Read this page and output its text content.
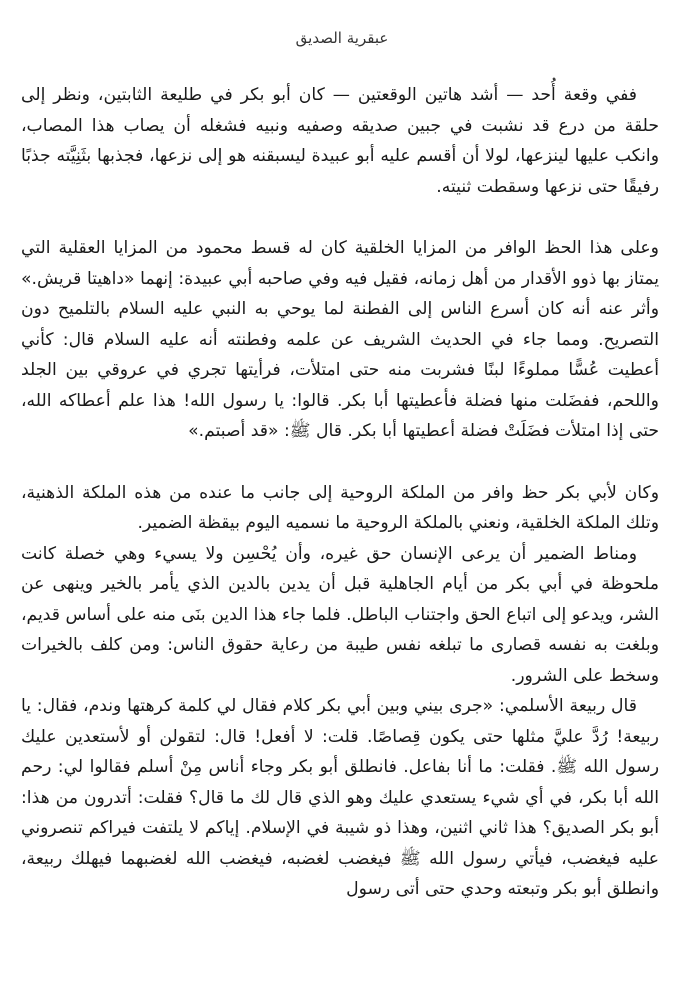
عبقرية الصديق

ففي وقعة أُحد — أشد هاتين الوقعتين — كان أبو بكر في طليعة الثابتين، ونظر إلى حلقة من درع قد نشبت في جبين صديقه وصفيه ونبيه فشغله أن يصاب هذا المصاب، وانكب عليها لينزعها، لولا أن أقسم عليه أبو عبيدة ليسبقنه هو إلى نزعها، فجذبها بثَنِيَّته جذبًا رفيقًا حتى نزعها وسقطت ثنيته.

وعلى هذا الحظ الوافر من المزايا الخلقية كان له قسط محمود من المزايا العقلية التي يمتاز بها ذوو الأقدار من أهل زمانه، فقيل فيه وفي صاحبه أبي عبيدة: إنهما «داهيتا قريش.» وأثر عنه أنه كان أسرع الناس إلى الفطنة لما يوحي به النبي عليه السلام بالتلميح دون التصريح. ومما جاء في الحديث الشريف عن علمه وفطنته أنه عليه السلام قال: كأني أعطيت عُسًّا مملوءًا لبنًا فشربت منه حتى امتلأت، فرأيتها تجري في عروقي بين الجلد واللحم، ففضَلت منها فضلة فأعطيتها أبا بكر. قالوا: يا رسول الله! هذا علم أعطاكه الله، حتى إذا امتلأت فضَلَتْ فضلة أعطيتها أبا بكر. قال ﷺ: «قد أصبتم.»

وكان لأبي بكر حظ وافر من الملكة الروحية إلى جانب ما عنده من هذه الملكة الذهنية، وتلك الملكة الخلقية، ونعني بالملكة الروحية ما نسميه اليوم بيقظة الضمير.

ومناط الضمير أن يرعى الإنسان حق غيره، وأن يُحْسِن ولا يسيء وهي خصلة كانت ملحوظة في أبي بكر من أيام الجاهلية قبل أن يدين بالدين الذي يأمر بالخير وينهى عن الشر، ويدعو إلى اتباع الحق واجتناب الباطل. فلما جاء هذا الدين بنَى منه على أساس قديم، وبلغت به نفسه قصارى ما تبلغه نفس طيبة من رعاية حقوق الناس: ومن كلف بالخيرات وسخط على الشرور.

قال ربيعة الأسلمي: «جرى بيني وبين أبي بكر كلام فقال لي كلمة كرهتها وندم، فقال: يا ربيعة! رُدَّ عليَّ مثلها حتى يكون قِصاصًا. قلت: لا أفعل! قال: لتقولن أو لأستعدين عليك رسول الله ﷺ. فقلت: ما أنا بفاعل. فانطلق أبو بكر وجاء أناس مِنْ أسلم فقالوا لي: رحم الله أبا بكر، في أي شيء يستعدي عليك وهو الذي قال لك ما قال؟ فقلت: أتدرون من هذا: أبو بكر الصديق؟ هذا ثاني اثنين، وهذا ذو شيبة في الإسلام. إياكم لا يلتفت فيراكم تنصروني عليه فيغضب، فيأتي رسول الله ﷺ فيغضب لغضبه، فيغضب الله لغضبهما فيهلك ربيعة، وانطلق أبو بكر وتبعته وحدي حتى أتى رسول
